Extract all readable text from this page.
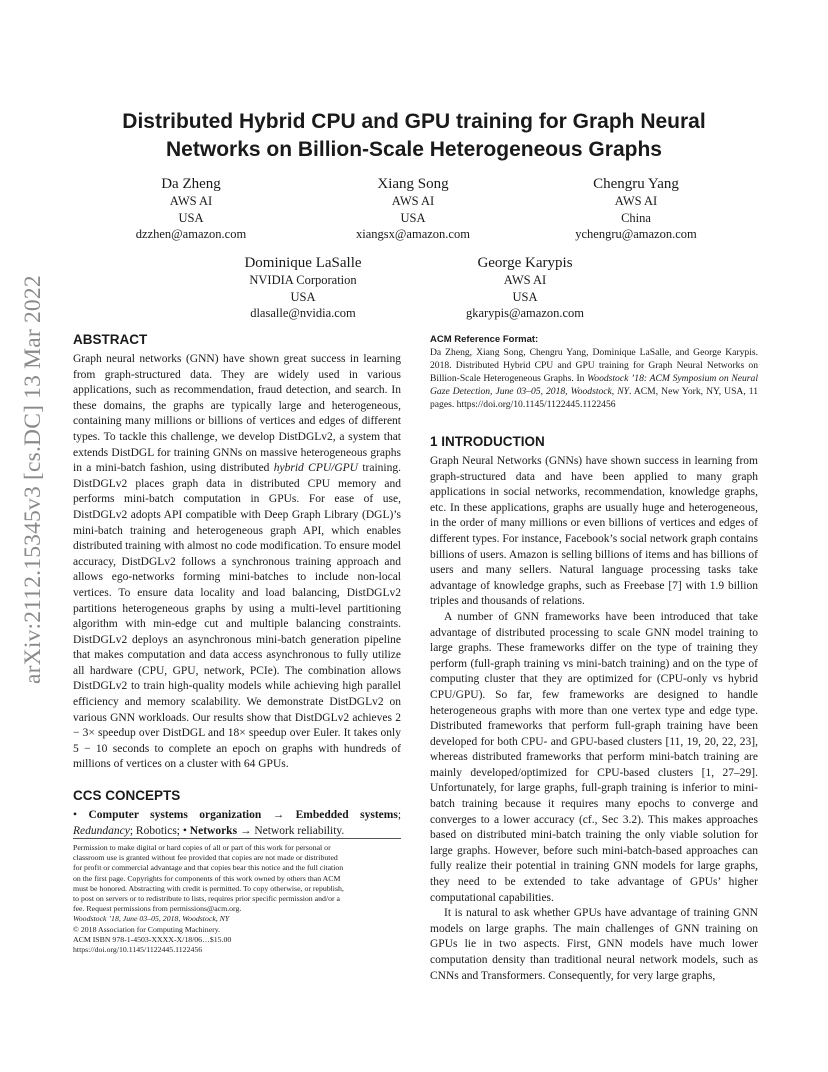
arXiv:2112.15345v3 [cs.DC] 13 Mar 2022
Distributed Hybrid CPU and GPU training for Graph Neural
Networks on Billion-Scale Heterogeneous Graphs
Da Zheng
AWS AI
USA
dzzhen@amazon.com
Xiang Song
AWS AI
USA
xiangsx@amazon.com
Chengru Yang
AWS AI
China
ychengru@amazon.com
Dominique LaSalle
NVIDIA Corporation
USA
dlasalle@nvidia.com
George Karypis
AWS AI
USA
gkarypis@amazon.com
ABSTRACT

Graph neural networks (GNN) have shown great success in learning from graph-structured data. They are widely used in various applications, such as recommendation, fraud detection, and search. In these domains, the graphs are typically large and heterogeneous, containing many millions or billions of vertices and edges of different types. To tackle this challenge, we develop DistDGLv2, a system that extends DistDGL for training GNNs on massive heterogeneous graphs in a mini-batch fashion, using distributed hybrid CPU/GPU training. DistDGLv2 places graph data in distributed CPU memory and performs mini-batch computation in GPUs. For ease of use, DistDGLv2 adopts API compatible with Deep Graph Library (DGL)’s mini-batch training and heterogeneous graph API, which enables distributed training with almost no code modification. To ensure model accuracy, DistDGLv2 follows a synchronous training approach and allows ego-networks forming mini-batches to include non-local vertices. To ensure data locality and load balancing, DistDGLv2 partitions heterogeneous graphs by using a multi-level partitioning algorithm with min-edge cut and multiple balancing constraints. DistDGLv2 deploys an asynchronous mini-batch generation pipeline that makes computation and data access asynchronous to fully utilize all hardware (CPU, GPU, network, PCIe). The combination allows DistDGLv2 to train high-quality models while achieving high parallel efficiency and memory scalability. We demonstrate DistDGLv2 on various GNN workloads. Our results show that DistDGLv2 achieves 2 − 3× speedup over DistDGL and 18× speedup over Euler. It takes only 5 − 10 seconds to complete an epoch on graphs with hundreds of millions of vertices on a cluster with 64 GPUs.

CCS CONCEPTS

• Computer systems organization → Embedded systems; Redundancy; Robotics; • Networks → Network reliability.

Permission to make digital or hard copies of all or part of this work for personal or
classroom use is granted without fee provided that copies are not made or distributed
for profit or commercial advantage and that copies bear this notice and the full citation
on the first page. Copyrights for components of this work owned by others than ACM
must be honored. Abstracting with credit is permitted. To copy otherwise, or republish,
to post on servers or to redistribute to lists, requires prior specific permission and/or a
fee. Request permissions from permissions@acm.org.
Woodstock ’18, June 03–05, 2018, Woodstock, NY
© 2018 Association for Computing Machinery.
ACM ISBN 978-1-4503-XXXX-X/18/06…$15.00
https://doi.org/10.1145/1122445.1122456
ACM Reference Format:

Da Zheng, Xiang Song, Chengru Yang, Dominique LaSalle, and George Karypis. 2018. Distributed Hybrid CPU and GPU training for Graph Neural Networks on Billion-Scale Heterogeneous Graphs. In Woodstock ’18: ACM Symposium on Neural Gaze Detection, June 03–05, 2018, Woodstock, NY. ACM, New York, NY, USA, 11 pages. https://doi.org/10.1145/1122445.1122456

1 INTRODUCTION

Graph Neural Networks (GNNs) have shown success in learning from graph-structured data and have been applied to many graph applications in social networks, recommendation, knowledge graphs, etc. In these applications, graphs are usually huge and heterogeneous, in the order of many millions or even billions of vertices and edges of different types. For instance, Facebook’s social network graph contains billions of users. Amazon is selling billions of items and has billions of users and many sellers. Natural language processing tasks take advantage of knowledge graphs, such as Freebase [7] with 1.9 billion triples and thousands of relations.

A number of GNN frameworks have been introduced that take advantage of distributed processing to scale GNN model training to large graphs. These frameworks differ on the type of training they perform (full-graph training vs mini-batch training) and on the type of computing cluster that they are optimized for (CPU-only vs hybrid CPU/GPU). So far, few frameworks are designed to handle heterogeneous graphs with more than one vertex type and edge type. Distributed frameworks that perform full-graph training have been developed for both CPU- and GPU-based clusters [11, 19, 20, 22, 23], whereas distributed frameworks that perform mini-batch training are mainly developed/optimized for CPU-based clusters [1, 27–29]. Unfortunately, for large graphs, full-graph training is inferior to mini-batch training because it requires many epochs to converge and converges to a lower accuracy (cf., Sec 3.2). This makes approaches based on distributed mini-batch training the only viable solution for large graphs. However, before such mini-batch-based approaches can fully realize their potential in training GNN models for large graphs, they need to be extended to take advantage of GPUs’ higher computational capabilities.

It is natural to ask whether GPUs have advantage of training GNN models on large graphs. The main challenges of GNN training on GPUs lie in two aspects. First, GNN models have much lower computation density than traditional neural network models, such as CNNs and Transformers. Consequently, for very large graphs,
